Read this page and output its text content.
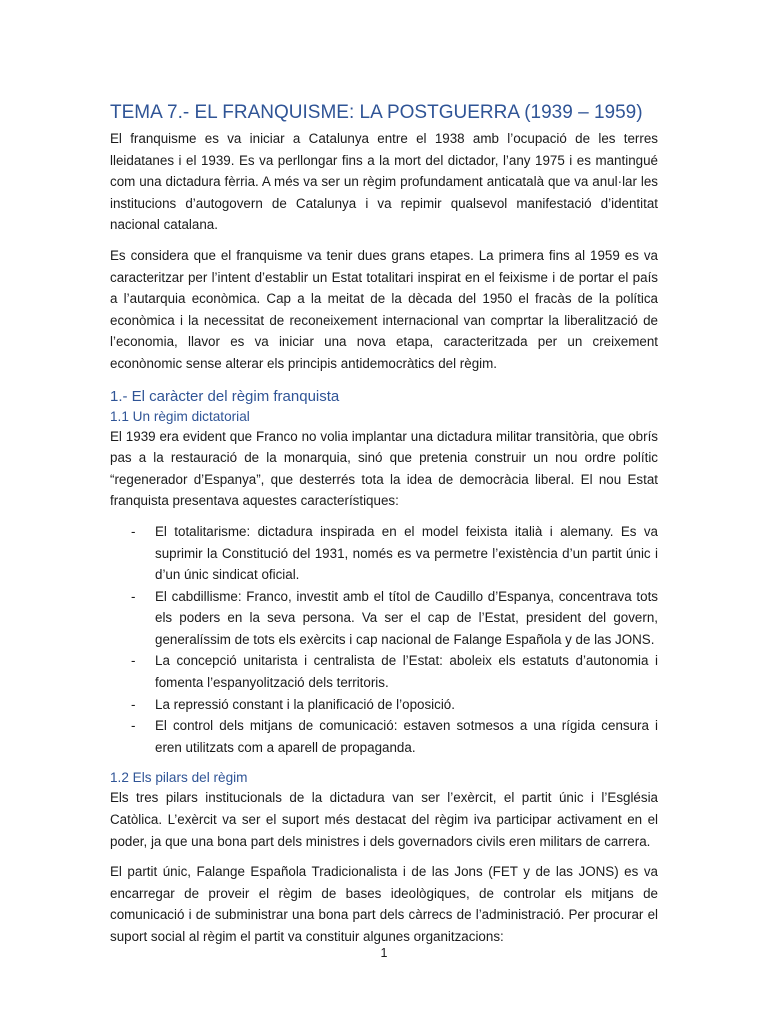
TEMA 7.- EL FRANQUISME: LA POSTGUERRA (1939 – 1959)

El franquisme es va iniciar a Catalunya entre el 1938 amb l’ocupació de les terres lleidatanes i el 1939. Es va perllongar fins a la mort del dictador, l’any 1975 i es mantingué com una dictadura fèrria. A més va ser un règim profundament anticatalà que va anul·lar les institucions d’autogovern de Catalunya i va repimir qualsevol manifestació d’identitat nacional catalana.

Es considera que el franquisme va tenir dues grans etapes. La primera fins al 1959 es va caracteritzar per l’intent d’establir un Estat totalitari inspirat en el feixisme i de portar el país a l’autarquia econòmica. Cap a la meitat de la dècada del 1950 el fracàs de la política econòmica i la necessitat de reconeixement internacional van comprtar la liberalització de l’economia, llavor es va iniciar una nova etapa, caracteritzada per un creixement econònomic sense alterar els principis antidemocràtics del règim.

1.- El caràcter del règim franquista
1.1 Un règim dictatorial

El 1939 era evident que Franco no volia implantar una dictadura militar transitòria, que obrís pas a la restauració de la monarquia, sinó que pretenia construir un nou ordre polític “regenerador d’Espanya”, que desterrés tota la idea de democràcia liberal. El nou Estat franquista presentava aquestes característiques:

- El totalitarisme: dictadura inspirada en el model feixista italià i alemany. Es va suprimir la Constitució del 1931, només es va permetre l’existència d’un partit únic i d’un únic sindicat oficial.
- El cabdillisme: Franco, investit amb el títol de Caudillo d’Espanya, concentrava tots els poders en la seva persona. Va ser el cap de l’Estat, president del govern, generalíssim de tots els exèrcits i cap nacional de Falange Española y de las JONS.
- La concepció unitarista i centralista de l’Estat: aboleix els estatuts d’autonomia i fomenta l’espanyolització dels territoris.
- La repressió constant i la planificació de l’oposició.
- El control dels mitjans de comunicació: estaven sotmesos a una rígida censura i eren utilitzats com a aparell de propaganda.
1.2 Els pilars del règim

Els tres pilars institucionals de la dictadura van ser l’exèrcit, el partit únic i l’Església Catòlica. L’exèrcit va ser el suport més destacat del règim iva participar activament en el poder, ja que una bona part dels ministres i dels governadors civils eren militars de carrera.

El partit únic, Falange Española Tradicionalista i de las Jons (FET y de las JONS) es va encarregar de proveir el règim de bases ideològiques, de controlar els mitjans de comunicació i de subministrar una bona part dels càrrecs de l’administració. Per procurar el suport social al règim el partit va constituir algunes organitzacions:

1
